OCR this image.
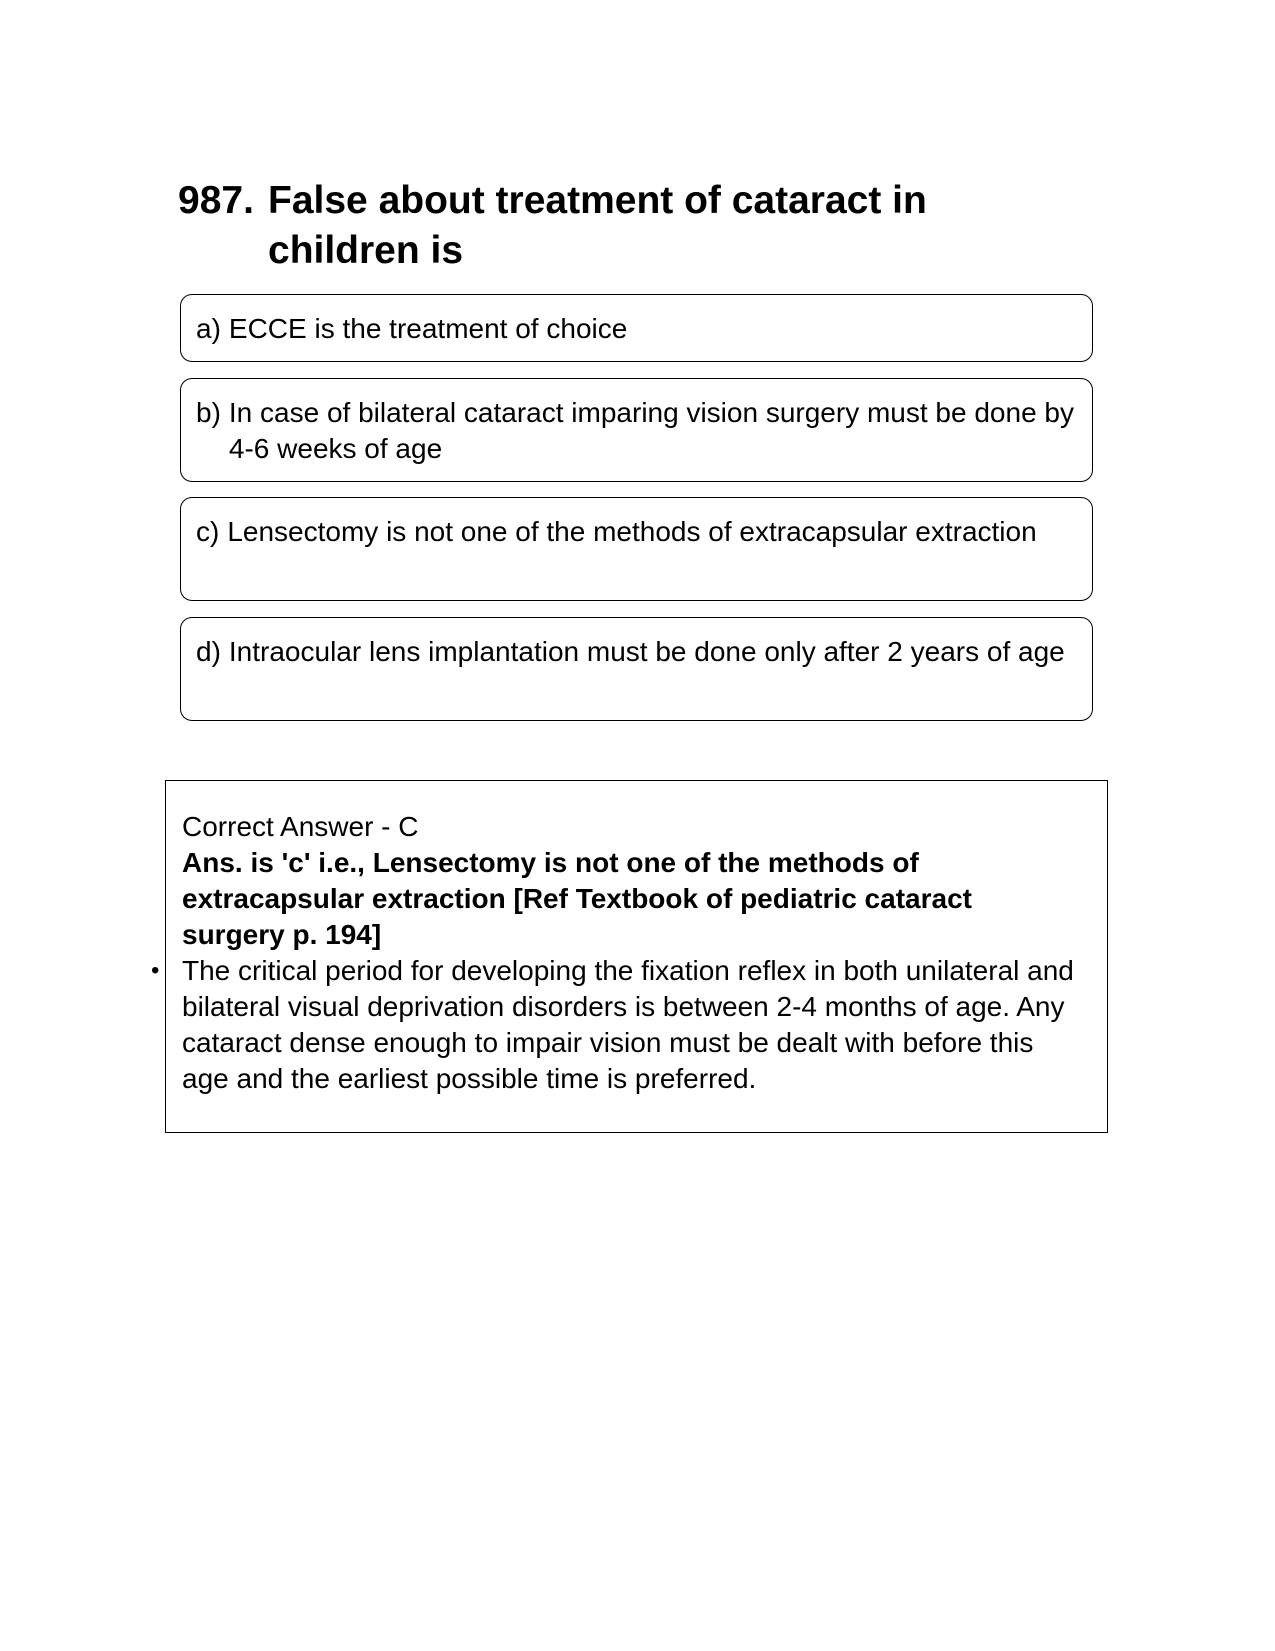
987. False about treatment of cataract in children is
a) ECCE is the treatment of choice
b) In case of bilateral cataract imparing vision surgery must be done by 4-6 weeks of age
c) Lensectomy is not one of the methods of extracapsular extraction
d) Intraocular lens implantation must be done only after 2 years of age
Correct Answer - C
Ans. is 'c' i.e., Lensectomy is not one of the methods of extracapsular extraction [Ref Textbook of pediatric cataract surgery p. 194]
• The critical period for developing the fixation reflex in both unilateral and bilateral visual deprivation disorders is between 2-4 months of age. Any cataract dense enough to impair vision must be dealt with before this age and the earliest possible time is preferred.
